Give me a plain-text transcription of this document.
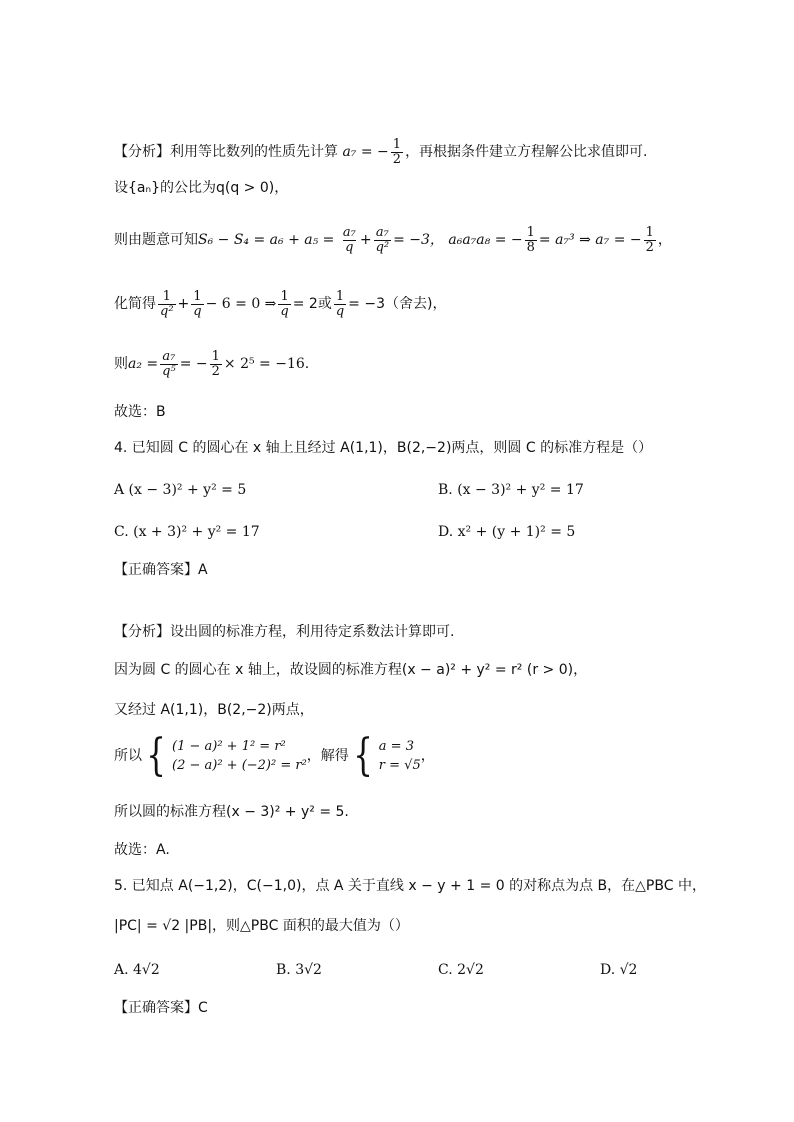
【分析】利用等比数列的性质先计算 a₇ = − $\frac{1}{2}$ ，再根据条件建立方程解公比求值即可.
设{aₙ}的公比为q(q > 0)，
则由题意可知$S_6 - S_4 = a_6 + a_5 = \frac{\text{a₇}}{q} + \frac{\text{a₇}}{\text{q²}} = -3$， a₆a₇a₈ = − $\frac{1}{8} = a_7^3$ ⇒ a₇ = − $\frac{1}{2}$ ，
化简得 $\frac{1}{\text{q²}} + \frac{1}{q} - 6 = 0$ ⇒ $\frac{1}{q} = 2$或 $\frac{1}{q} = -3$（舍去)，
则$a_2 = \frac{\text{a₇}}{\text{q⁵}}$ = − $\frac{1}{2} \times 2^5 = -16$.
故选：B
4. 已知圆 C 的圆心在 x 轴上且经过 A(1,1)，B(2,−2)两点，则圆 C 的标准方程是（）
A (x − 3)² + y² = 5	B. (x − 3)² + y² = 17
C. (x + 3)² + y² = 17	D. x² + (y + 1)² = 5
【正确答案】A
【分析】设出圆的标准方程，利用待定系数法计算即可.
因为圆 C 的圆心在 x 轴上，故设圆的标准方程(x − a)² + y² = r² (r > 0)，
又经过 A(1,1)，B(2,−2)两点，
所以 { (1 − a)² + 1² = r²
(2 − a)² + (−2)² = r²
，解得 { a = 3
r = √5
，
所以圆的标准方程(x − 3)² + y² = 5.
故选：A.
5. 已知点 A(−1,2)，C(−1,0)，点 A 关于直线 x − y + 1 = 0 的对称点为点 B，在△PBC 中，
|PC| = √2 |PB|，则△PBC 面积的最大值为（）
A. 4√2	B. 3√2	C. 2√2	D. √2
【正确答案】C
